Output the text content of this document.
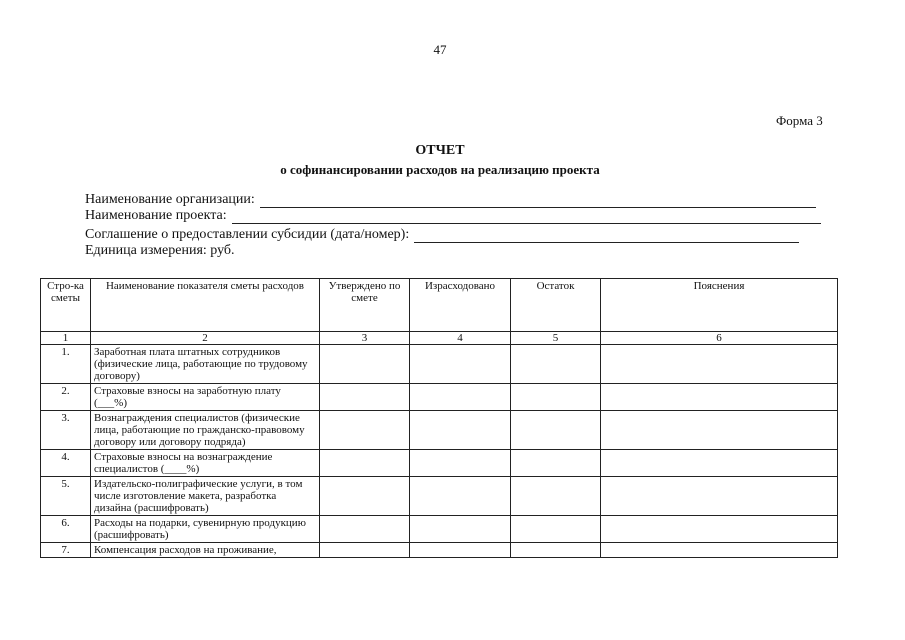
47
Форма 3
ОТЧЕТ
о софинансировании расходов на реализацию проекта
Наименование организации:
Наименование проекта:
Соглашение о предоставлении субсидии (дата/номер):
Единица измерения: руб.
Стро-ка сметы	Наименование показателя сметы расходов	Утверждено по смете	Израсходовано	Остаток	Пояснения
1	2	3	4	5	6
1.	Заработная плата штатных сотрудников (физические лица, работающие по трудовому договору)				
2.	Страховые взносы на заработную плату (___%)				
3.	Вознаграждения специалистов (физические лица, работающие по гражданско-правовому договору или договору подряда)				
4.	Страховые взносы на вознаграждение специалистов (____%)				
5.	Издательско-полиграфические услуги, в том числе изготовление макета, разработка дизайна (расшифровать)				
6.	Расходы на подарки, сувенирную продукцию (расшифровать)				
7.	Компенсация расходов на проживание,				
